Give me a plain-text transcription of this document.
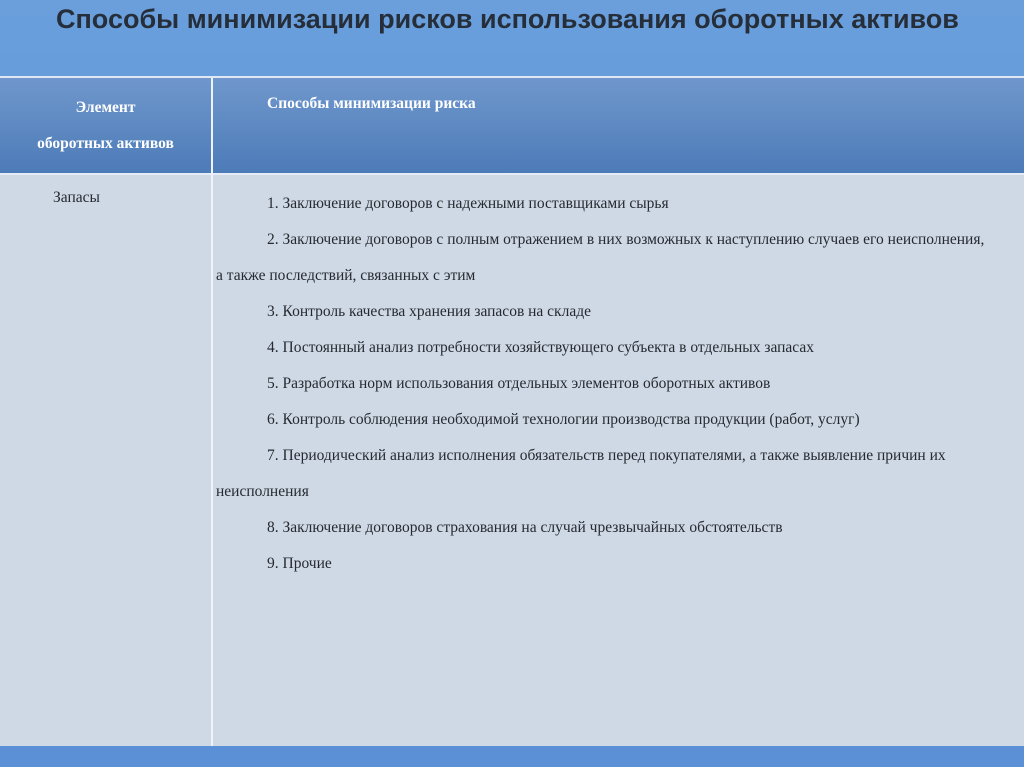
Способы минимизации рисков использования оборотных активов
Элемент
оборотных активов
Способы минимизации риска
Запасы	1. Заключение договоров с надежными поставщиками сырья
2. Заключение договоров с полным отражением в них возможных к наступлению случаев его неисполнения, а также последствий, связанных с этим
3. Контроль качества хранения запасов на складе
4. Постоянный анализ потребности хозяйствующего субъекта в отдельных запасах
5. Разработка норм использования отдельных элементов оборотных активов
6. Контроль соблюдения необходимой технологии производства продукции (работ, услуг)
7. Периодический анализ исполнения обязательств перед покупателями, а также выявление причин их неисполнения
8. Заключение договоров страхования на случай чрезвычайных обстоятельств
9. Прочие
